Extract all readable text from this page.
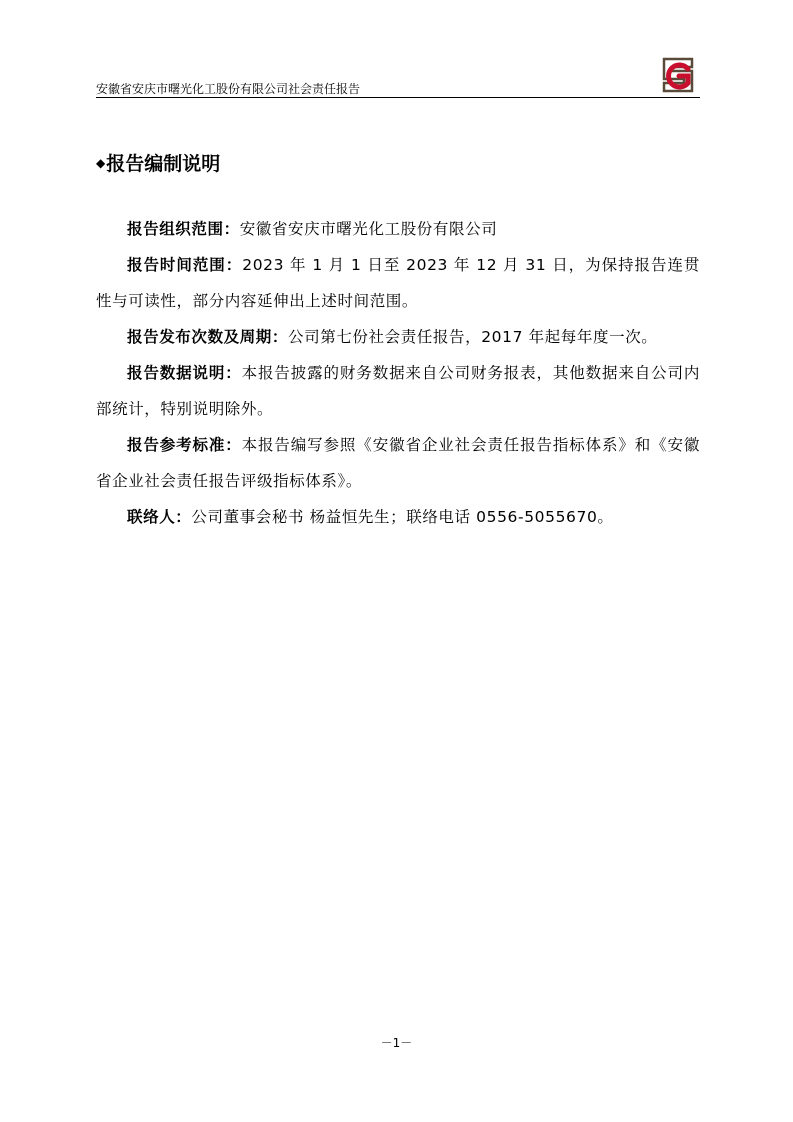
安徽省安庆市曙光化工股份有限公司社会责任报告
◆报告编制说明

报告组织范围：安徽省安庆市曙光化工股份有限公司

报告时间范围：2023 年 1 月 1 日至 2023 年 12 月 31 日，为保持报告连贯性与可读性，部分内容延伸出上述时间范围。

报告发布次数及周期：公司第七份社会责任报告，2017 年起每年度一次。

报告数据说明：本报告披露的财务数据来自公司财务报表，其他数据来自公司内部统计，特别说明除外。

报告参考标准：本报告编写参照《安徽省企业社会责任报告指标体系》和《安徽省企业社会责任报告评级指标体系》。

联络人：公司董事会秘书 杨益恒先生；联络电话 0556-5055670。

－1－
